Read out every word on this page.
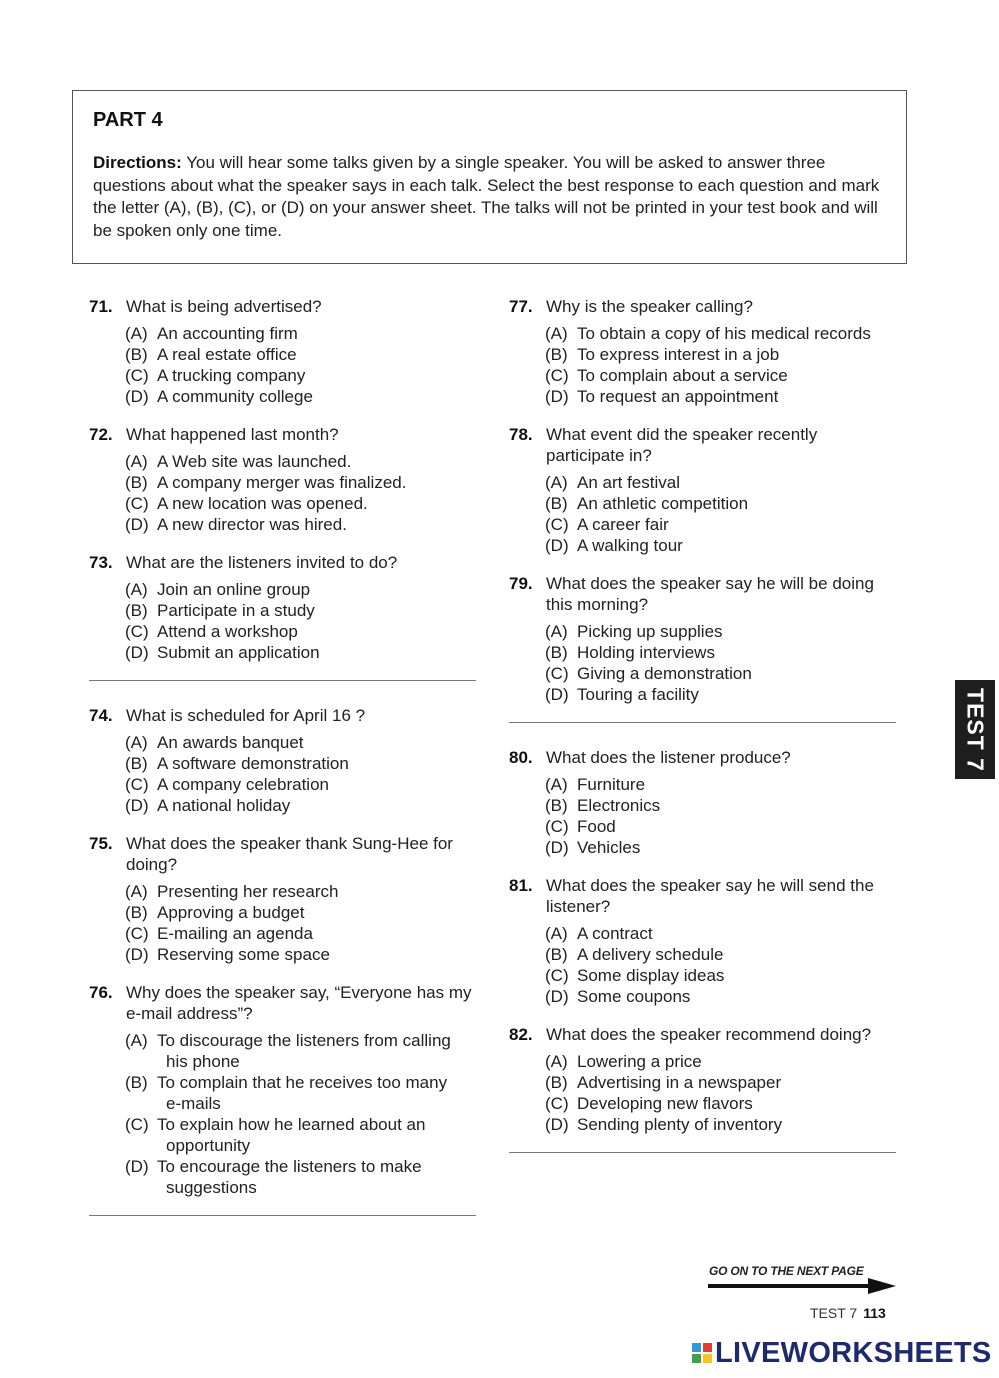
PART 4
Directions: You will hear some talks given by a single speaker. You will be asked to answer three questions about what the speaker says in each talk. Select the best response to each question and mark the letter (A), (B), (C), or (D) on your answer sheet. The talks will not be printed in your test book and will be spoken only one time.
71. What is being advertised?
(A) An accounting firm
(B) A real estate office
(C) A trucking company
(D) A community college
72. What happened last month?
(A) A Web site was launched.
(B) A company merger was finalized.
(C) A new location was opened.
(D) A new director was hired.
73. What are the listeners invited to do?
(A) Join an online group
(B) Participate in a study
(C) Attend a workshop
(D) Submit an application
74. What is scheduled for April 16 ?
(A) An awards banquet
(B) A software demonstration
(C) A company celebration
(D) A national holiday
75. What does the speaker thank Sung-Hee for doing?
(A) Presenting her research
(B) Approving a budget
(C) E-mailing an agenda
(D) Reserving some space
76. Why does the speaker say, “Everyone has my e-mail address”?
(A) To discourage the listeners from calling
his phone
(B) To complain that he receives too many
e-mails
(C) To explain how he learned about an
opportunity
(D) To encourage the listeners to make
suggestions
77. Why is the speaker calling?
(A) To obtain a copy of his medical records
(B) To express interest in a job
(C) To complain about a service
(D) To request an appointment
78. What event did the speaker recently participate in?
(A) An art festival
(B) An athletic competition
(C) A career fair
(D) A walking tour
79. What does the speaker say he will be doing this morning?
(A) Picking up supplies
(B) Holding interviews
(C) Giving a demonstration
(D) Touring a facility
80. What does the listener produce?
(A) Furniture
(B) Electronics
(C) Food
(D) Vehicles
81. What does the speaker say he will send the listener?
(A) A contract
(B) A delivery schedule
(C) Some display ideas
(D) Some coupons
82. What does the speaker recommend doing?
(A) Lowering a price
(B) Advertising in a newspaper
(C) Developing new flavors
(D) Sending plenty of inventory
TEST 7
GO ON TO THE NEXT PAGE
TEST 7 113
LIVEWORKSHEETS
